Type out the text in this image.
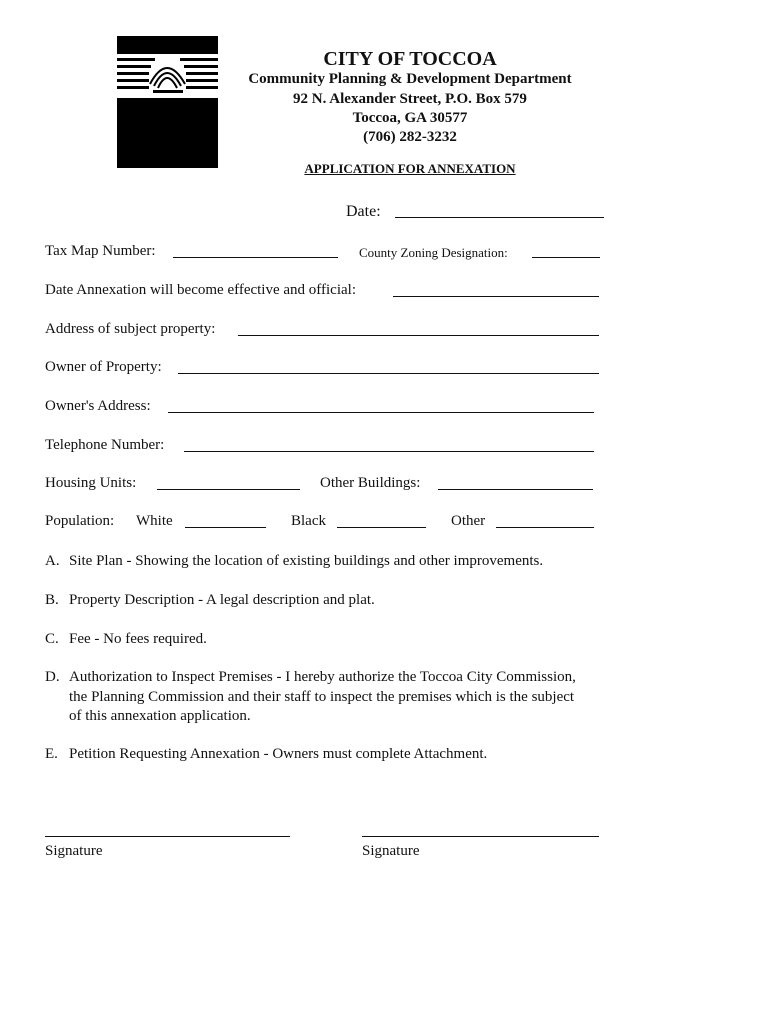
CITY OF TOCCOA
Community Planning & Development Department
92 N. Alexander Street, P.O. Box 579
Toccoa, GA 30577
(706) 282-3232
APPLICATION FOR ANNEXATION
Date:
Tax Map Number:	County Zoning Designation:
Date Annexation will become effective and official:
Address of subject property:
Owner of Property:
Owner's Address:
Telephone Number:
Housing Units:	Other Buildings:
Population: White	Black	Other
A. Site Plan - Showing the location of existing buildings and other improvements.
B. Property Description - A legal description and plat.
C. Fee - No fees required.
D. Authorization to Inspect Premises - I hereby authorize the Toccoa City Commission, the Planning Commission and their staff to inspect the premises which is the subject of this annexation application.
E. Petition Requesting Annexation - Owners must complete Attachment.
Signature	Signature
